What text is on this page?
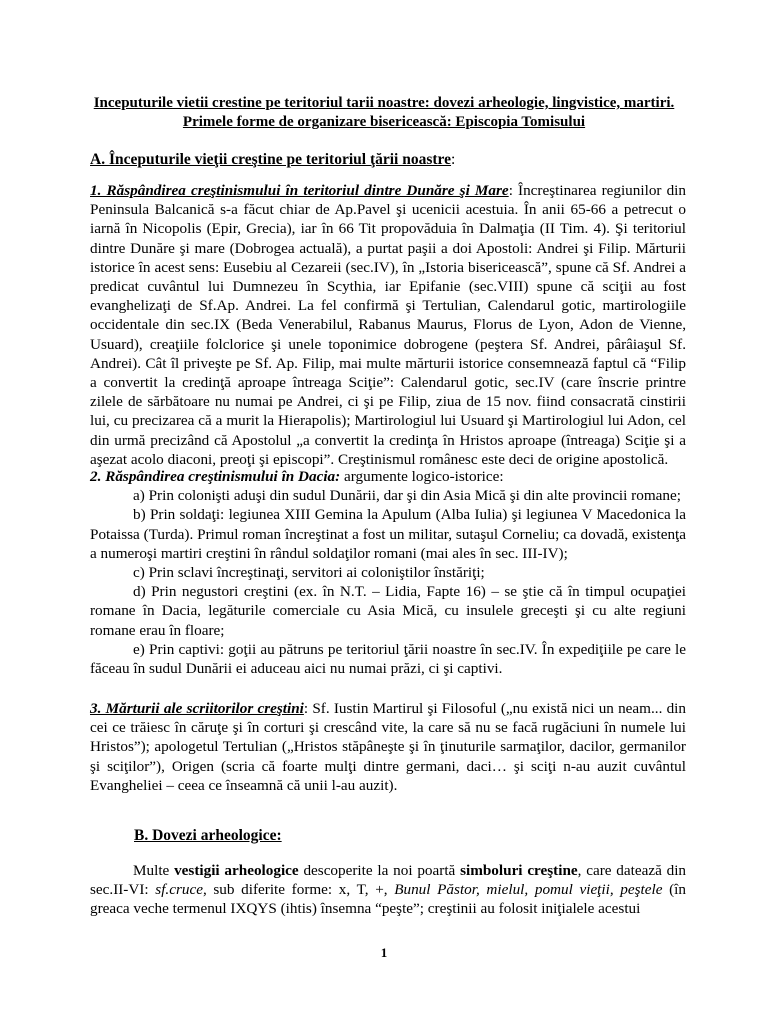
Inceputurile vietii crestine pe teritoriul tarii noastre: dovezi arheologie, lingvistice, martiri.
Primele forme de organizare bisericească: Episcopia Tomisului
A. Începuturile vieţii creştine pe teritoriul ţării noastre:
1. Răspândirea creştinismului în teritoriul dintre Dunăre şi Mare: Încreştinarea regiunilor din Peninsula Balcanică s-a făcut chiar de Ap.Pavel şi ucenicii acestuia. În anii 65-66 a petrecut o iarnă în Nicopolis (Epir, Grecia), iar în 66 Tit propovăduia în Dalmaţia (II Tim. 4). Şi teritoriul dintre Dunăre şi mare (Dobrogea actuală), a purtat paşii a doi Apostoli: Andrei şi Filip. Mărturii istorice în acest sens: Eusebiu al Cezareii (sec.IV), în „Istoria bisericească”, spune că Sf. Andrei a predicat cuvântul lui Dumnezeu în Scythia, iar Epifanie (sec.VIII) spune că sciţii au fost evanghelizaţi de Sf.Ap. Andrei. La fel confirmă şi Tertulian, Calendarul gotic, martirologiile occidentale din sec.IX (Beda Venerabilul, Rabanus Maurus, Florus de Lyon, Adon de Vienne, Usuard), creaţiile folclorice şi unele toponimice dobrogene (peştera Sf. Andrei, pârâiaşul Sf. Andrei). Cât îl priveşte pe Sf. Ap. Filip, mai multe mărturii istorice consemnează faptul că “Filip a convertit la credinţă aproape întreaga Sciţie”: Calendarul gotic, sec.IV (care înscrie printre zilele de sărbătoare nu numai pe Andrei, ci şi pe Filip, ziua de 15 nov. fiind consacrată cinstirii lui, cu precizarea că a murit la Hierapolis); Martirologiul lui Usuard şi Martirologiul lui Adon, cel din urmă precizând că Apostolul „a convertit la credinţa în Hristos aproape (întreaga) Sciţie şi a aşezat acolo diaconi, preoţi şi episcopi”. Creştinismul românesc este deci de origine apostolică.
2. Răspândirea creştinismului în Dacia: argumente logico-istorice:
a) Prin colonişti aduşi din sudul Dunării, dar şi din Asia Mică şi din alte provincii romane;
b) Prin soldaţi: legiunea XIII Gemina la Apulum (Alba Iulia) şi legiunea V Macedonica la Potaissa (Turda). Primul roman încreştinat a fost un militar, sutaşul Corneliu; ca dovadă, existenţa a numeroşi martiri creştini în rândul soldaţilor romani (mai ales în sec. III-IV);
c) Prin sclavi încreştinaţi, servitori ai coloniştilor înstăriţi;
d) Prin negustori creştini (ex. în N.T. – Lidia, Fapte 16) – se ştie că în timpul ocupaţiei romane în Dacia, legăturile comerciale cu Asia Mică, cu insulele greceşti şi cu alte regiuni romane erau în floare;
e) Prin captivi: goţii au pătruns pe teritoriul ţării noastre în sec.IV. În expediţiile pe care le făceau în sudul Dunării ei aduceau aici nu numai prăzi, ci şi captivi.
3. Mărturii ale scriitorilor creştini: Sf. Iustin Martirul şi Filosoful („nu există nici un neam... din cei ce trăiesc în căruţe şi în corturi şi crescând vite, la care să nu se facă rugăciuni în numele lui Hristos”); apologetul Tertulian („Hristos stăpâneşte şi în ţinuturile sarmaţilor, dacilor, germanilor şi sciţilor”), Origen (scria că foarte mulţi dintre germani, daci… şi sciţi n-au auzit cuvântul Evangheliei – ceea ce înseamnă că unii l-au auzit).
B. Dovezi arheologice:
Multe vestigii arheologice descoperite la noi poartă simboluri creştine, care datează din sec.II-VI: sf.cruce, sub diferite forme: x, T, +, Bunul Păstor, mielul, pomul vieţii, peştele (în greaca veche termenul IXQYS (ihtis) însemna “peşte”; creştinii au folosit iniţialele acestui
1
